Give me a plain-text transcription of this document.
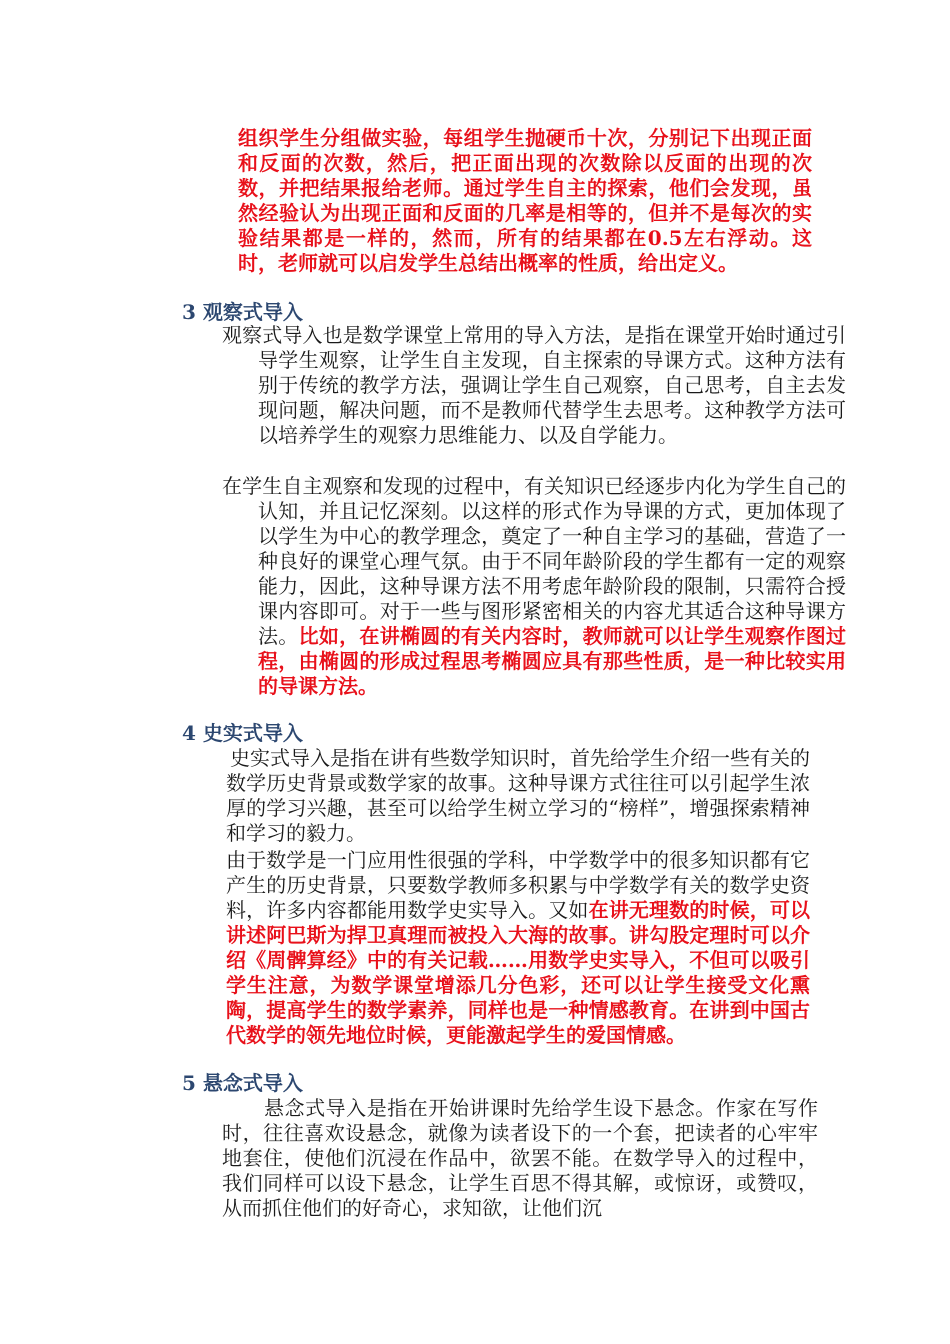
组织学生分组做实验，每组学生抛硬币十次，分别记下出现正面和反面的次数，然后，把正面出现的次数除以反面的出现的次数，并把结果报给老师。通过学生自主的探索，他们会发现，虽然经验认为出现正面和反面的几率是相等的，但并不是每次的实验结果都是一样的，然而，所有的结果都在0.5左右浮动。这时，老师就可以启发学生总结出概率的性质，给出定义。

3 观察式导入

观察式导入也是数学课堂上常用的导入方法，是指在课堂开始时通过引导学生观察，让学生自主发现，自主探索的导课方式。这种方法有别于传统的教学方法，强调让学生自己观察，自己思考，自主去发现问题，解决问题，而不是教师代替学生去思考。这种教学方法可以培养学生的观察力思维能力、以及自学能力。

在学生自主观察和发现的过程中，有关知识已经逐步内化为学生自己的认知，并且记忆深刻。以这样的形式作为导课的方式，更加体现了以学生为中心的教学理念，奠定了一种自主学习的基础，营造了一种良好的课堂心理气氛。由于不同年龄阶段的学生都有一定的观察能力，因此，这种导课方法不用考虑年龄阶段的限制，只需符合授课内容即可。对于一些与图形紧密相关的内容尤其适合这种导课方法。比如，在讲椭圆的有关内容时，教师就可以让学生观察作图过程，由椭圆的形成过程思考椭圆应具有那些性质，是一种比较实用的导课方法。

4 史实式导入

史实式导入是指在讲有些数学知识时，首先给学生介绍一些有关的数学历史背景或数学家的故事。这种导课方式往往可以引起学生浓厚的学习兴趣，甚至可以给学生树立学习的“榜样”，增强探索精神和学习的毅力。

由于数学是一门应用性很强的学科，中学数学中的很多知识都有它产生的历史背景，只要数学教师多积累与中学数学有关的数学史资料，许多内容都能用数学史实导入。又如在讲无理数的时候，可以讲述阿巴斯为捍卫真理而被投入大海的故事。讲勾股定理时可以介绍《周髀算经》中的有关记载……用数学史实导入，不但可以吸引学生注意，为数学课堂增添几分色彩，还可以让学生接受文化熏陶，提高学生的数学素养，同样也是一种情感教育。在讲到中国古代数学的领先地位时候，更能激起学生的爱国情感。

5 悬念式导入

悬念式导入是指在开始讲课时先给学生设下悬念。作家在写作时，往往喜欢设悬念，就像为读者设下的一个套，把读者的心牢牢地套住，使他们沉浸在作品中，欲罢不能。在数学导入的过程中，我们同样可以设下悬念，让学生百思不得其解，或惊讶，或赞叹，从而抓住他们的好奇心，求知欲，让他们沉
